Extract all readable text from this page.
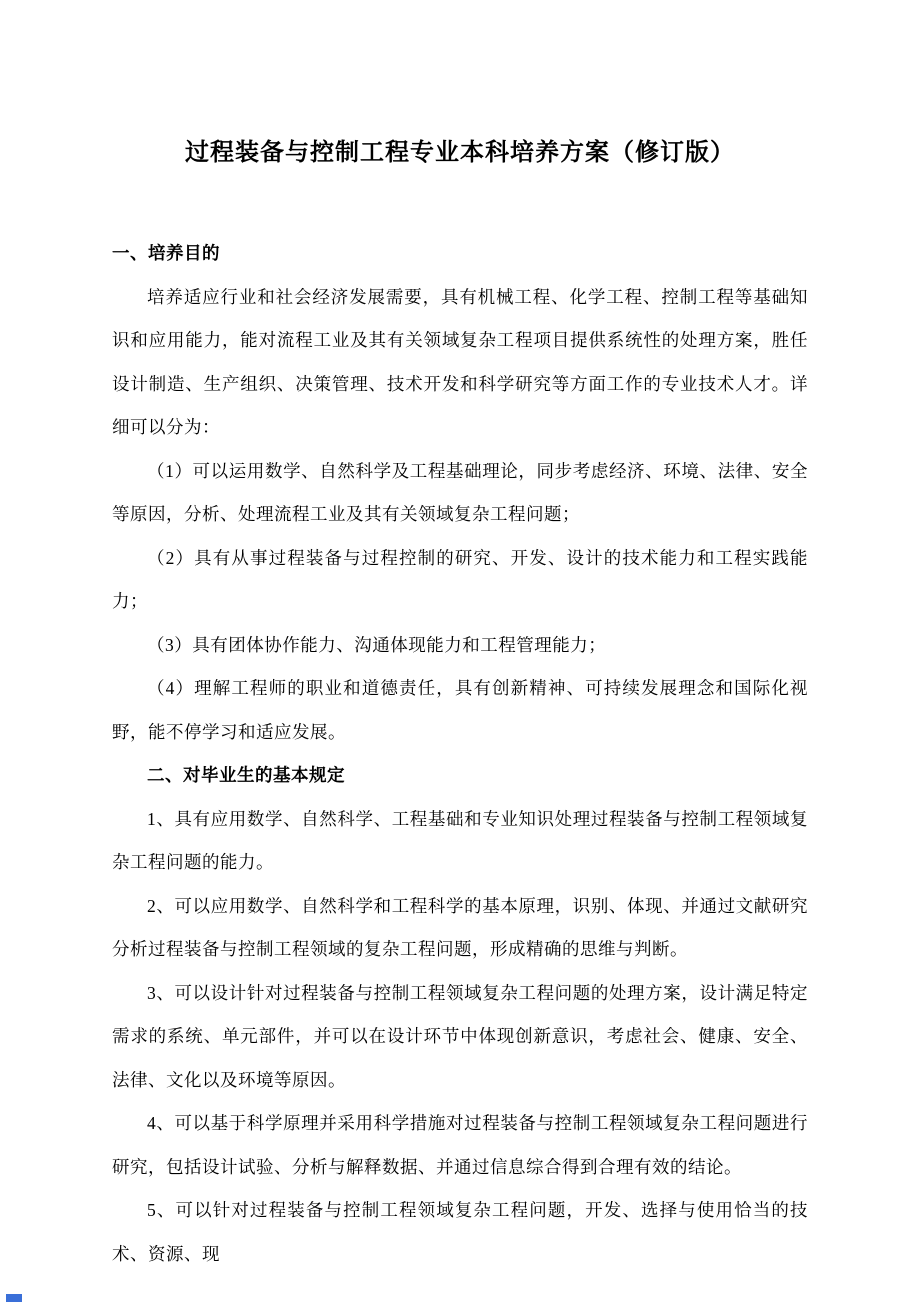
过程装备与控制工程专业本科培养方案（修订版）
一、培养目的
培养适应行业和社会经济发展需要，具有机械工程、化学工程、控制工程等基础知识和应用能力，能对流程工业及其有关领域复杂工程项目提供系统性的处理方案，胜任设计制造、生产组织、决策管理、技术开发和科学研究等方面工作的专业技术人才。详细可以分为：
（1）可以运用数学、自然科学及工程基础理论，同步考虑经济、环境、法律、安全等原因，分析、处理流程工业及其有关领域复杂工程问题；
（2）具有从事过程装备与过程控制的研究、开发、设计的技术能力和工程实践能力；
（3）具有团体协作能力、沟通体现能力和工程管理能力；
（4）理解工程师的职业和道德责任，具有创新精神、可持续发展理念和国际化视野，能不停学习和适应发展。
二、对毕业生的基本规定
1、具有应用数学、自然科学、工程基础和专业知识处理过程装备与控制工程领域复杂工程问题的能力。
2、可以应用数学、自然科学和工程科学的基本原理，识别、体现、并通过文献研究分析过程装备与控制工程领域的复杂工程问题，形成精确的思维与判断。
3、可以设计针对过程装备与控制工程领域复杂工程问题的处理方案，设计满足特定需求的系统、单元部件，并可以在设计环节中体现创新意识，考虑社会、健康、安全、法律、文化以及环境等原因。
4、可以基于科学原理并采用科学措施对过程装备与控制工程领域复杂工程问题进行研究，包括设计试验、分析与解释数据、并通过信息综合得到合理有效的结论。
5、可以针对过程装备与控制工程领域复杂工程问题，开发、选择与使用恰当的技术、资源、现
